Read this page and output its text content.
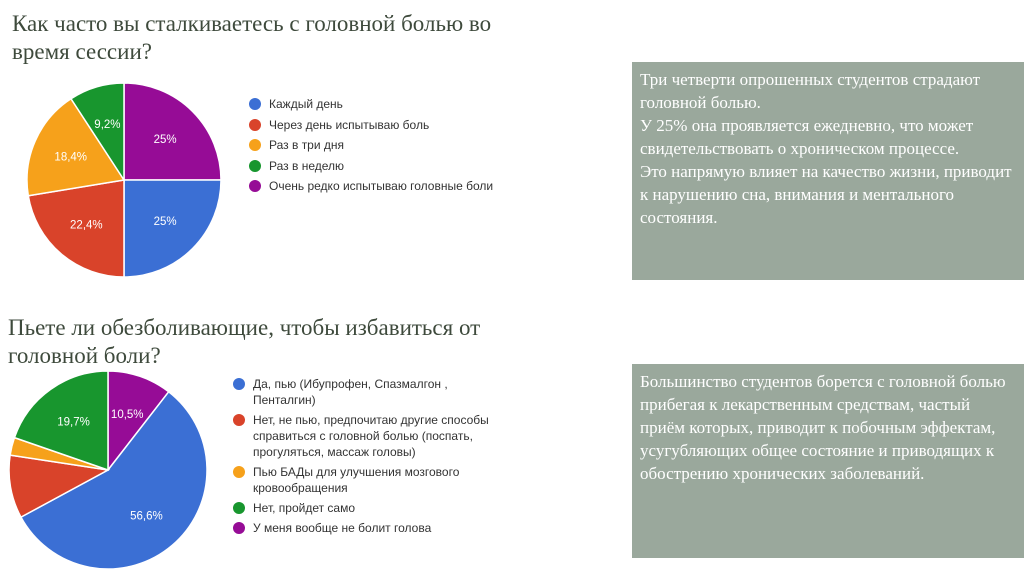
Как часто вы сталкиваетесь с головной болью во время сессии?
25%
25%
22,4%
18,4%
9,2%
Каждый день
Через день испытываю боль
Раз в три дня
Раз в неделю
Очень редко испытываю головные боли
Пьете ли обезболивающие, чтобы избавиться от головной боли?
10,5%
56,6%
19,7%
Да, пью (Ибупрофен, Спазмалгон , Пенталгин)
Нет, не пью, предпочитаю другие способы справиться с головной болью (поспать, прогуляться, массаж головы)
Пью БАДы для улучшения мозгового кровообращения
Нет, пройдет само
У меня вообще не болит голова
Три четверти опрошенных студентов страдают головной болью.
У 25% она проявляется ежедневно, что может свидетельствовать о хроническом процессе.
Это напрямую влияет на качество жизни, приводит к нарушению сна, внимания и ментального состояния.
Большинство студентов борется с головной болью прибегая к лекарственным средствам, частый приём которых, приводит к побочным эффектам, усугубляющих общее состояние и приводящих к обострению хронических заболеваний.
